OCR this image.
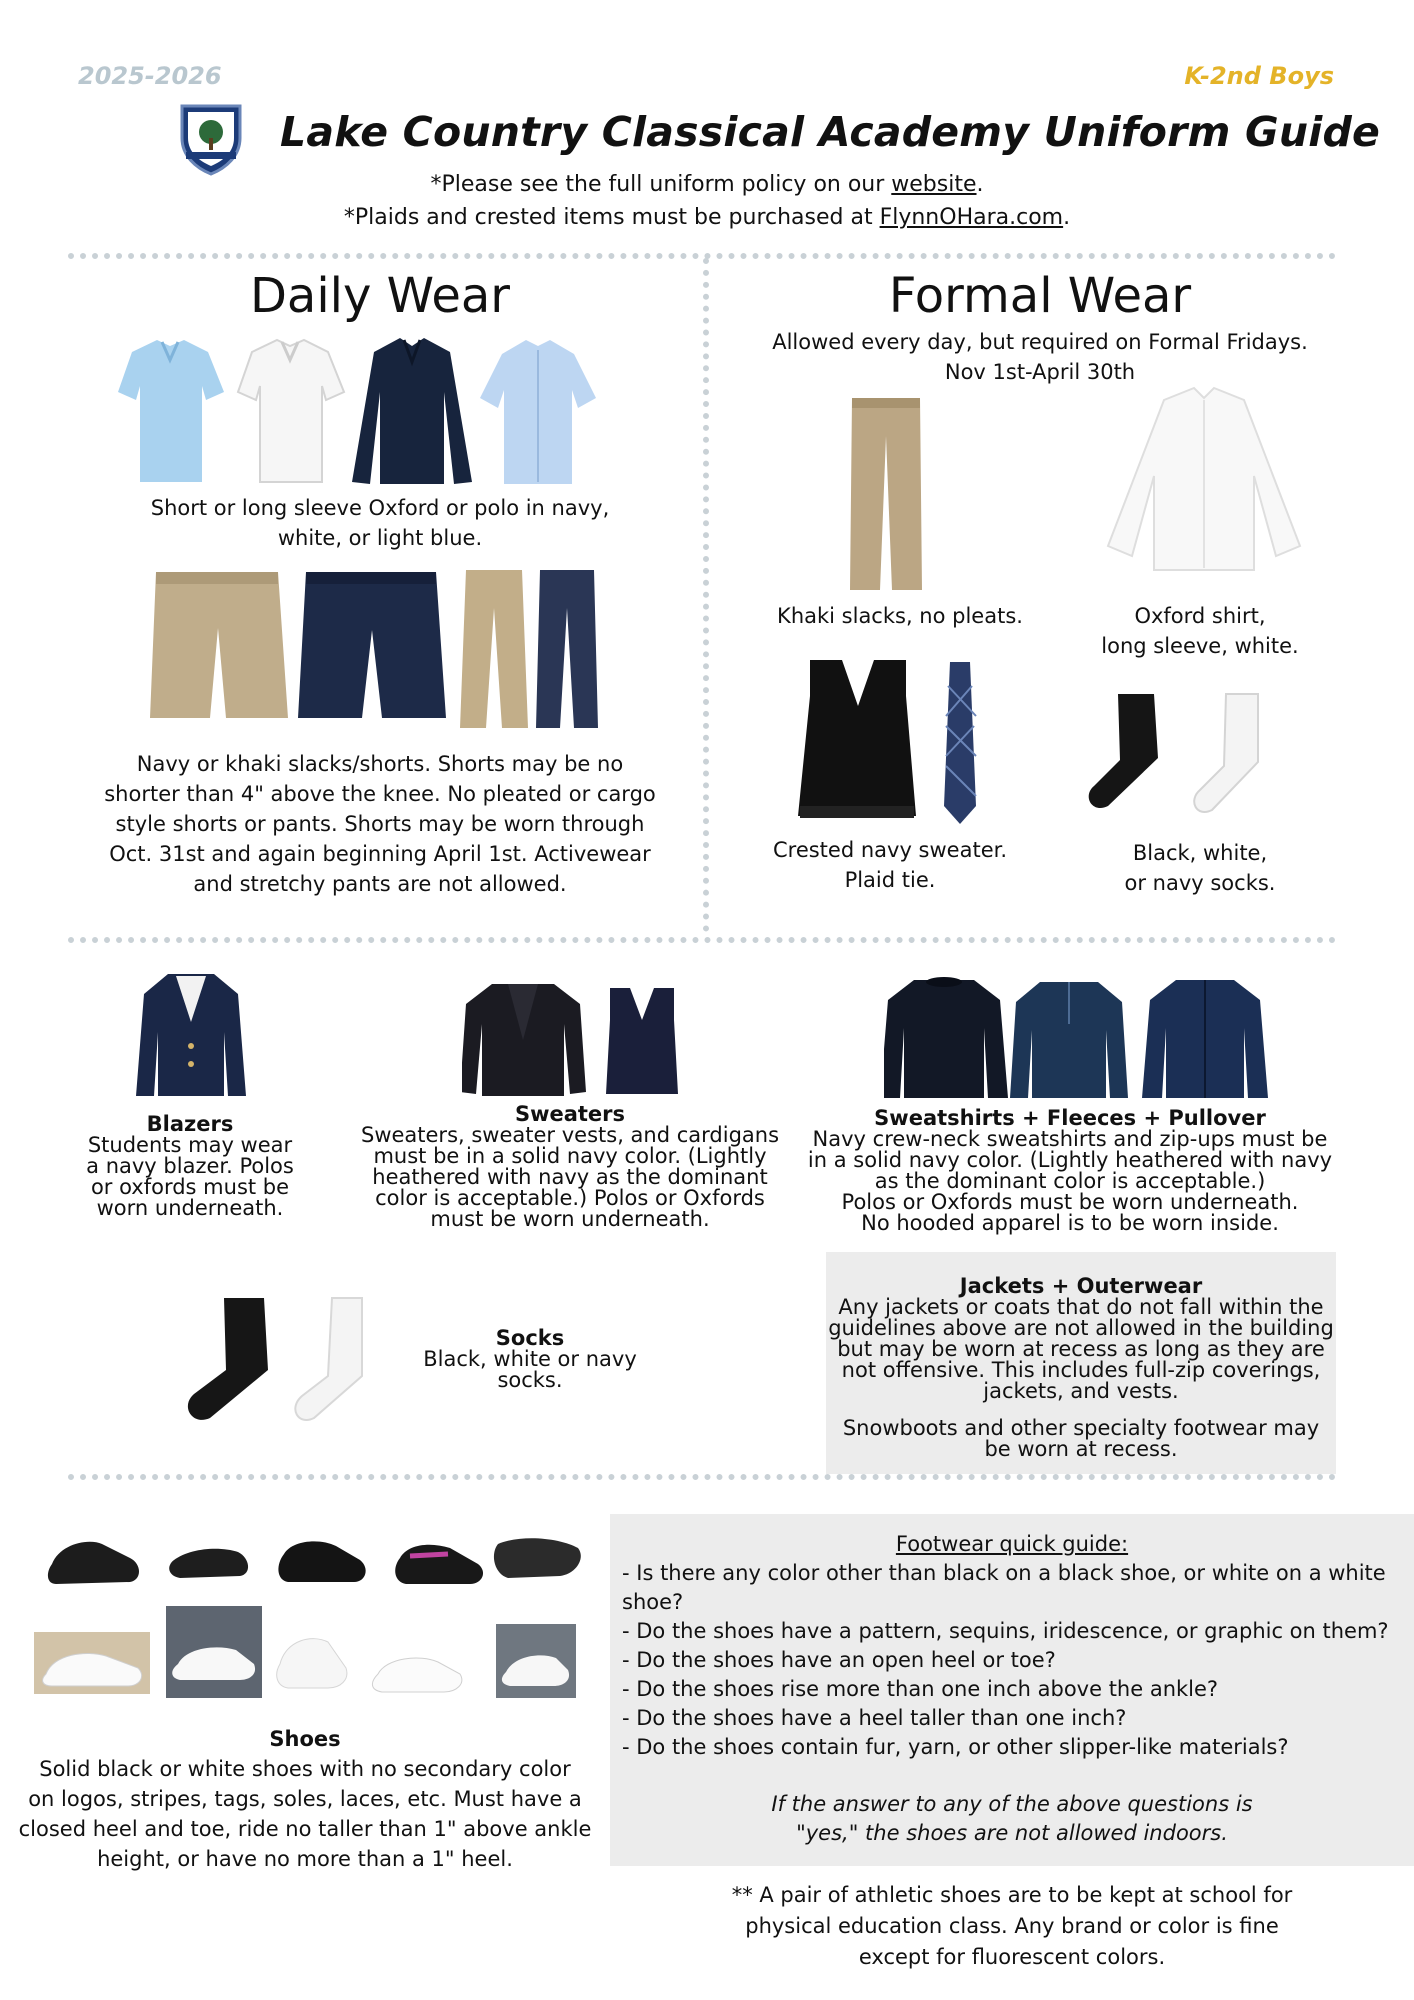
2025-2026	K-2nd Boys
Lake Country Classical Academy Uniform Guide
*Please see the full uniform policy on our website.
*Plaids and crested items must be purchased at FlynnOHara.com.
Daily Wear
Short or long sleeve Oxford or polo in navy,
white, or light blue.
Navy or khaki slacks/shorts. Shorts may be no
shorter than 4" above the knee. No pleated or cargo
style shorts or pants. Shorts may be worn through
Oct. 31st and again beginning April 1st. Activewear
and stretchy pants are not allowed.
Formal Wear
Allowed every day, but required on Formal Fridays.
Nov 1st-April 30th
Khaki slacks, no pleats.	Oxford shirt,
long sleeve, white.
Crested navy sweater.
Plaid tie.
Black, white,
or navy socks.
Blazers
Students may wear
a navy blazer. Polos
or oxfords must be
worn underneath.
Sweaters
Sweaters, sweater vests, and cardigans
must be in a solid navy color. (Lightly
heathered with navy as the dominant
color is acceptable.) Polos or Oxfords
must be worn underneath.
Sweatshirts + Fleeces + Pullover
Navy crew-neck sweatshirts and zip-ups must be
in a solid navy color. (Lightly heathered with navy
as the dominant color is acceptable.)
Polos or Oxfords must be worn underneath.
No hooded apparel is to be worn inside.
Socks
Black, white or navy
socks.
Jackets + Outerwear
Any jackets or coats that do not fall within the
guidelines above are not allowed in the building
but may be worn at recess as long as they are
not offensive. This includes full-zip coverings,
jackets, and vests.
Snowboots and other specialty footwear may
be worn at recess.
Shoes
Solid black or white shoes with no secondary color
on logos, stripes, tags, soles, laces, etc. Must have a
closed heel and toe, ride no taller than 1" above ankle
height, or have no more than a 1" heel.
Footwear quick guide:
- Is there any color other than black on a black shoe, or white on a white
shoe?
- Do the shoes have a pattern, sequins, iridescence, or graphic on them?
- Do the shoes have an open heel or toe?
- Do the shoes rise more than one inch above the ankle?
- Do the shoes have a heel taller than one inch?
- Do the shoes contain fur, yarn, or other slipper-like materials?
If the answer to any of the above questions is
"yes," the shoes are not allowed indoors.
** A pair of athletic shoes are to be kept at school for
physical education class. Any brand or color is fine
except for fluorescent colors.
